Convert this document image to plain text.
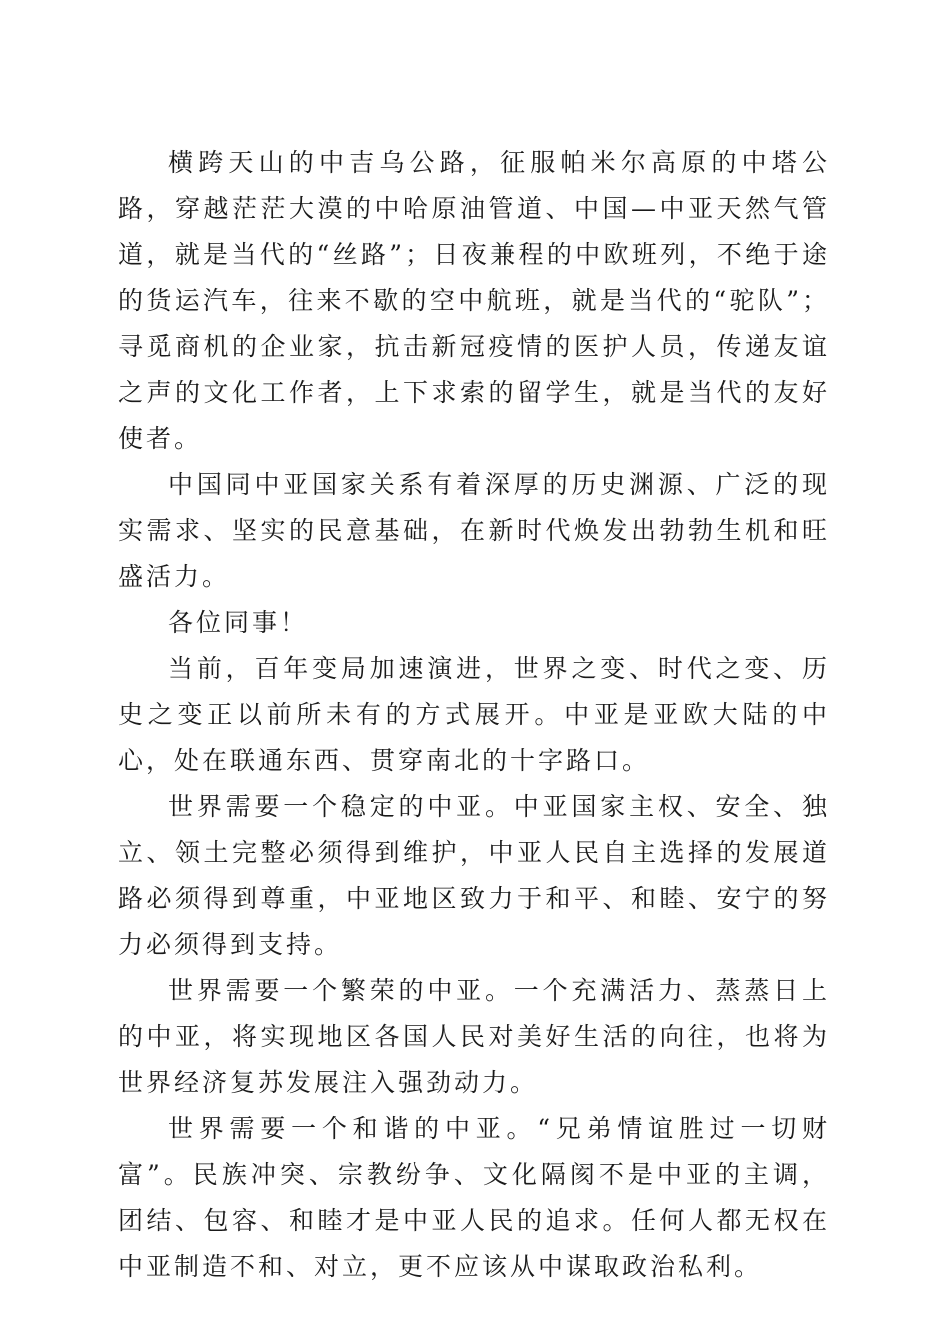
横跨天山的中吉乌公路，征服帕米尔高原的中塔公路，穿越茫茫大漠的中哈原油管道、中国—中亚天然气管道，就是当代的“丝路”；日夜兼程的中欧班列，不绝于途的货运汽车，往来不歇的空中航班，就是当代的“驼队”；寻觅商机的企业家，抗击新冠疫情的医护人员，传递友谊之声的文化工作者，上下求索的留学生，就是当代的友好使者。

中国同中亚国家关系有着深厚的历史渊源、广泛的现实需求、坚实的民意基础，在新时代焕发出勃勃生机和旺盛活力。

各位同事！

当前，百年变局加速演进，世界之变、时代之变、历史之变正以前所未有的方式展开。中亚是亚欧大陆的中心，处在联通东西、贯穿南北的十字路口。

世界需要一个稳定的中亚。中亚国家主权、安全、独立、领土完整必须得到维护，中亚人民自主选择的发展道路必须得到尊重，中亚地区致力于和平、和睦、安宁的努力必须得到支持。

世界需要一个繁荣的中亚。一个充满活力、蒸蒸日上的中亚，将实现地区各国人民对美好生活的向往，也将为世界经济复苏发展注入强劲动力。

世界需要一个和谐的中亚。“兄弟情谊胜过一切财富”。民族冲突、宗教纷争、文化隔阂不是中亚的主调，团结、包容、和睦才是中亚人民的追求。任何人都无权在中亚制造不和、对立，更不应该从中谋取政治私利。
